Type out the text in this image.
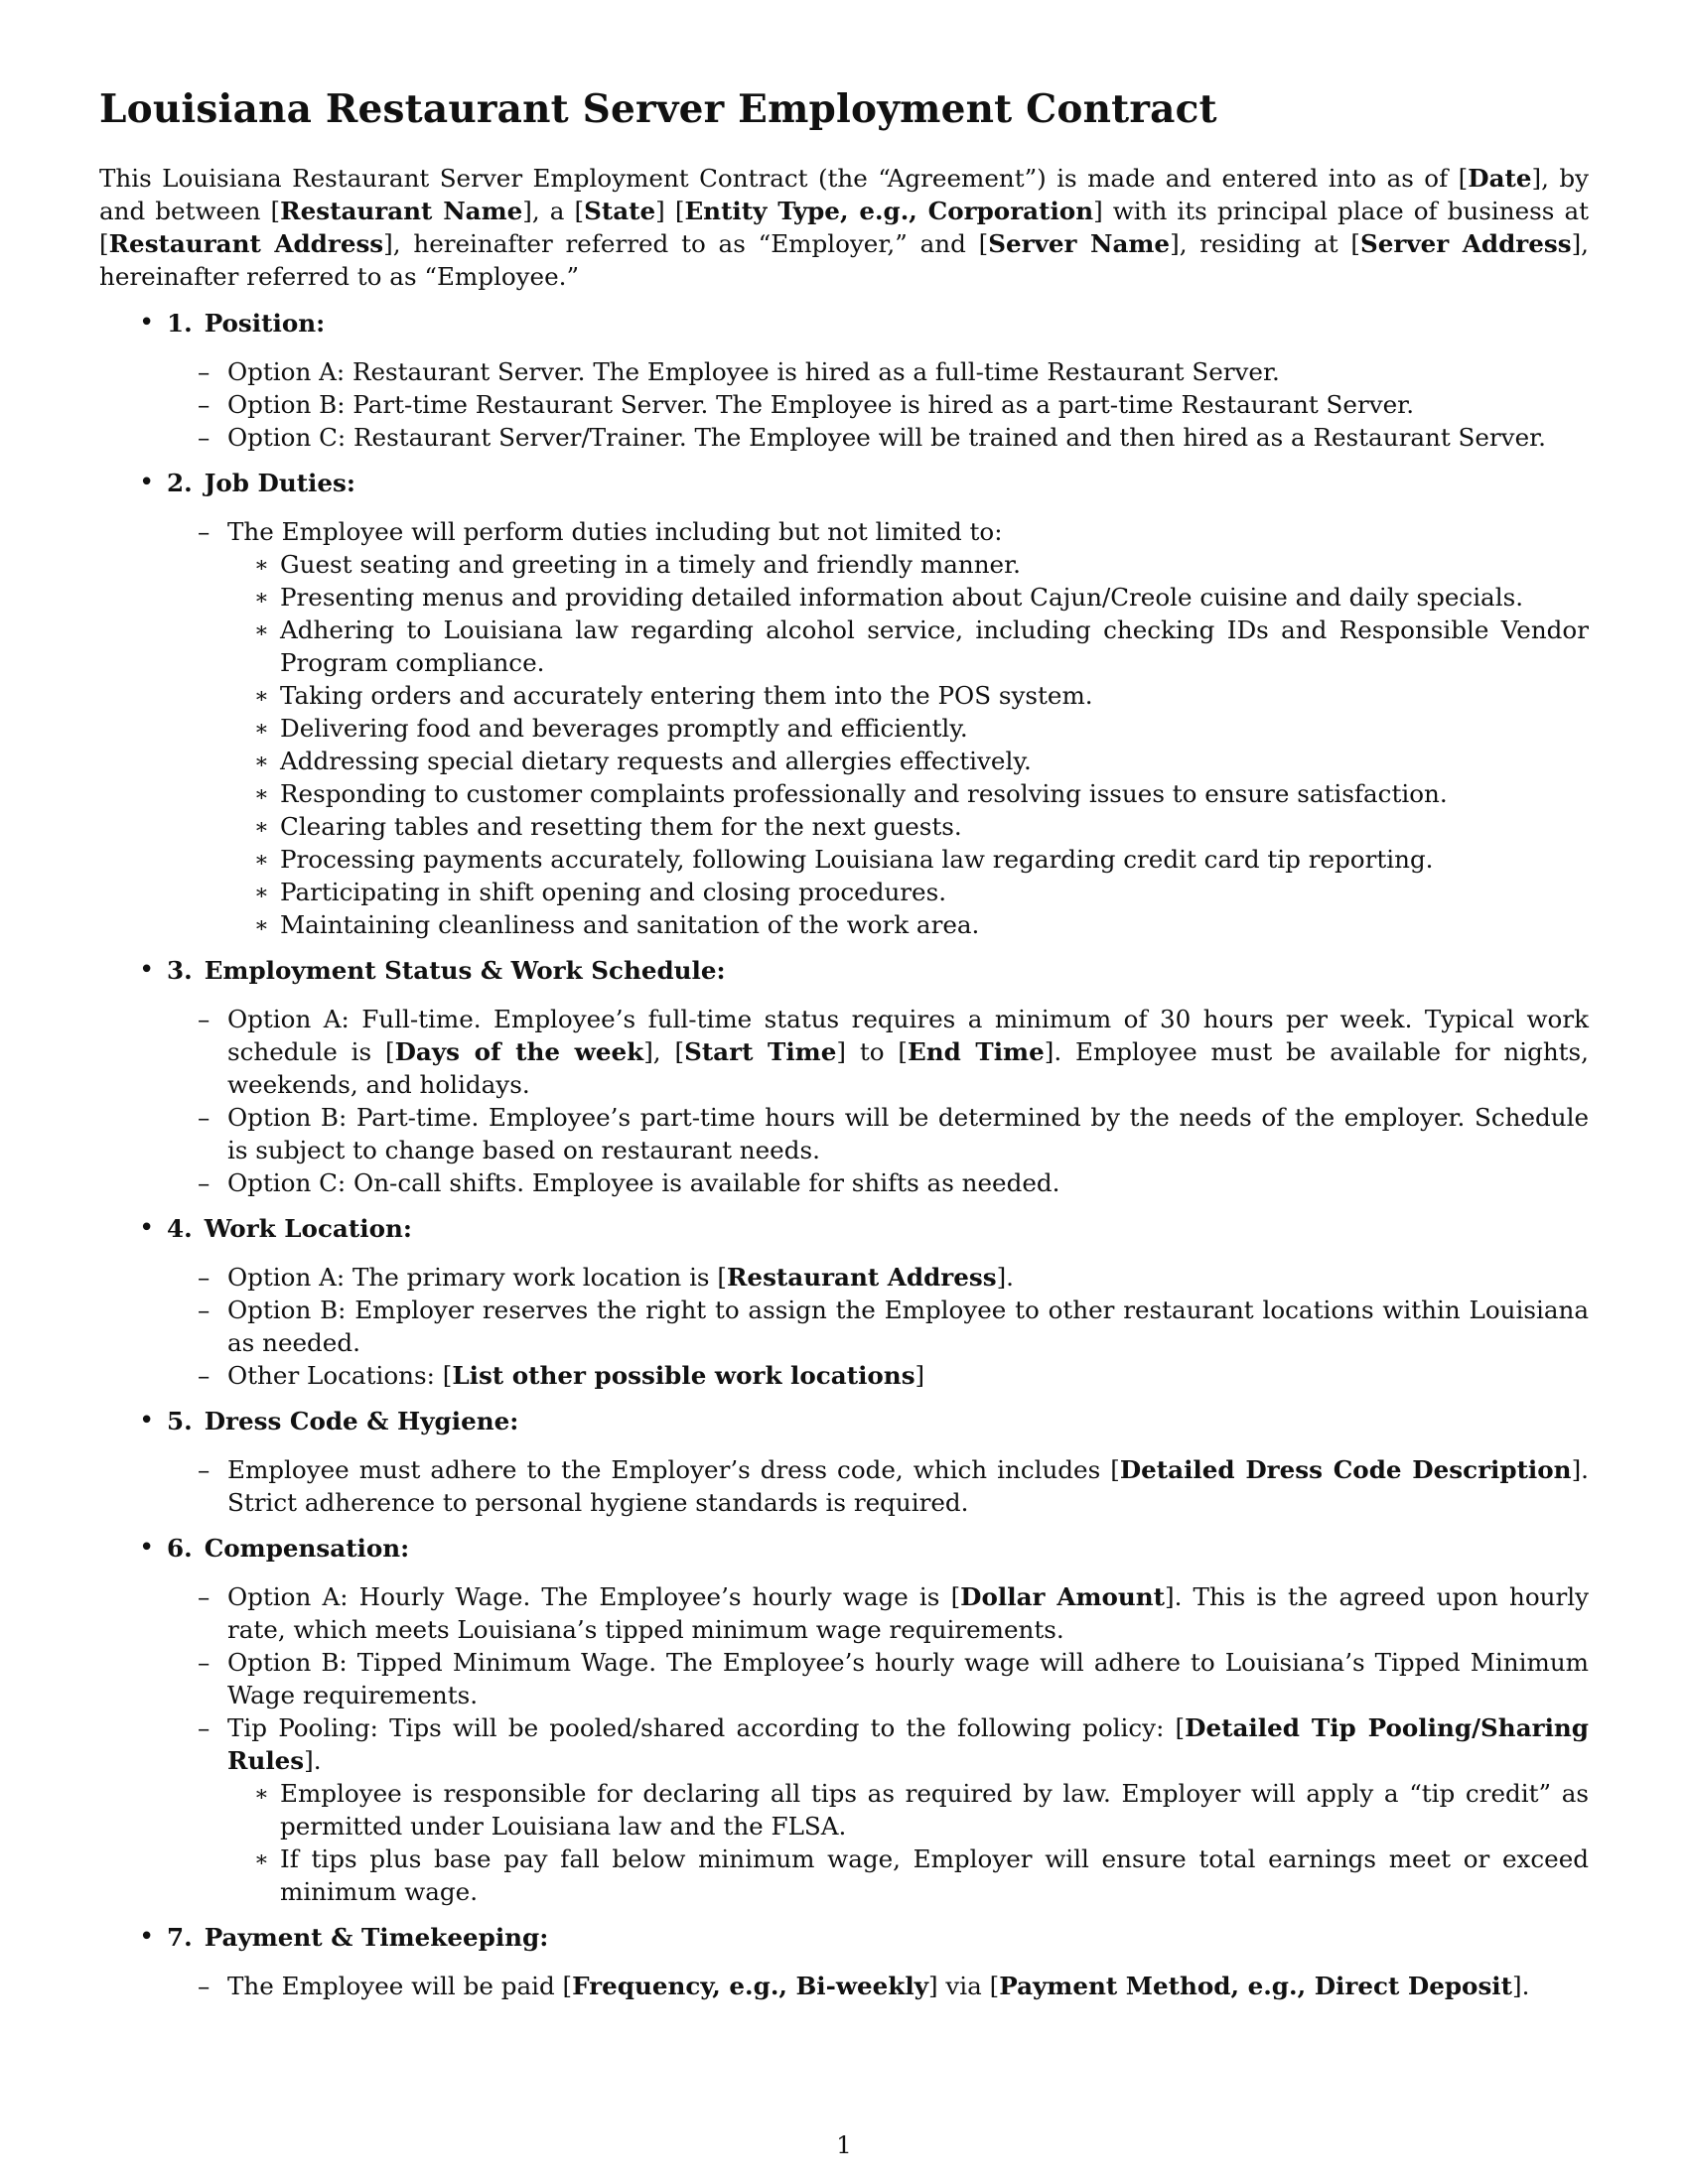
Louisiana Restaurant Server Employment Contract

This Louisiana Restaurant Server Employment Contract (the “Agreement”) is made and entered into as of [Date], by and between [Restaurant Name], a [State] [Entity Type, e.g., Corporation] with its principal place of business at [Restaurant Address], hereinafter referred to as “Employer,” and [Server Name], residing at [Server Address], hereinafter referred to as “Employee.”

• 1. Position:
– Option A: Restaurant Server. The Employee is hired as a full-time Restaurant Server.
– Option B: Part-time Restaurant Server. The Employee is hired as a part-time Restaurant Server.
– Option C: Restaurant Server/Trainer. The Employee will be trained and then hired as a Restaurant Server.
• 2. Job Duties:
– The Employee will perform duties including but not limited to:
∗ Guest seating and greeting in a timely and friendly manner.
∗ Presenting menus and providing detailed information about Cajun/Creole cuisine and daily specials.
∗ Adhering to Louisiana law regarding alcohol service, including checking IDs and Responsible Vendor Program compliance.
∗ Taking orders and accurately entering them into the POS system.
∗ Delivering food and beverages promptly and efficiently.
∗ Addressing special dietary requests and allergies effectively.
∗ Responding to customer complaints professionally and resolving issues to ensure satisfaction.
∗ Clearing tables and resetting them for the next guests.
∗ Processing payments accurately, following Louisiana law regarding credit card tip reporting.
∗ Participating in shift opening and closing procedures.
∗ Maintaining cleanliness and sanitation of the work area.
• 3. Employment Status & Work Schedule:
– Option A: Full-time. Employee’s full-time status requires a minimum of 30 hours per week. Typical work schedule is [Days of the week], [Start Time] to [End Time]. Employee must be available for nights, weekends, and holidays.
– Option B: Part-time. Employee’s part-time hours will be determined by the needs of the employer. Schedule is subject to change based on restaurant needs.
– Option C: On-call shifts. Employee is available for shifts as needed.
• 4. Work Location:
– Option A: The primary work location is [Restaurant Address].
– Option B: Employer reserves the right to assign the Employee to other restaurant locations within Louisiana as needed.
– Other Locations: [List other possible work locations]
• 5. Dress Code & Hygiene:
– Employee must adhere to the Employer’s dress code, which includes [Detailed Dress Code Description]. Strict adherence to personal hygiene standards is required.
• 6. Compensation:
– Option A: Hourly Wage. The Employee’s hourly wage is [Dollar Amount]. This is the agreed upon hourly rate, which meets Louisiana’s tipped minimum wage requirements.
– Option B: Tipped Minimum Wage. The Employee’s hourly wage will adhere to Louisiana’s Tipped Minimum Wage requirements.
– Tip Pooling: Tips will be pooled/shared according to the following policy: [Detailed Tip Pooling/Sharing Rules].
∗ Employee is responsible for declaring all tips as required by law. Employer will apply a “tip credit” as permitted under Louisiana law and the FLSA.
∗ If tips plus base pay fall below minimum wage, Employer will ensure total earnings meet or exceed minimum wage.
• 7. Payment & Timekeeping:
– The Employee will be paid [Frequency, e.g., Bi-weekly] via [Payment Method, e.g., Direct Deposit].
1
